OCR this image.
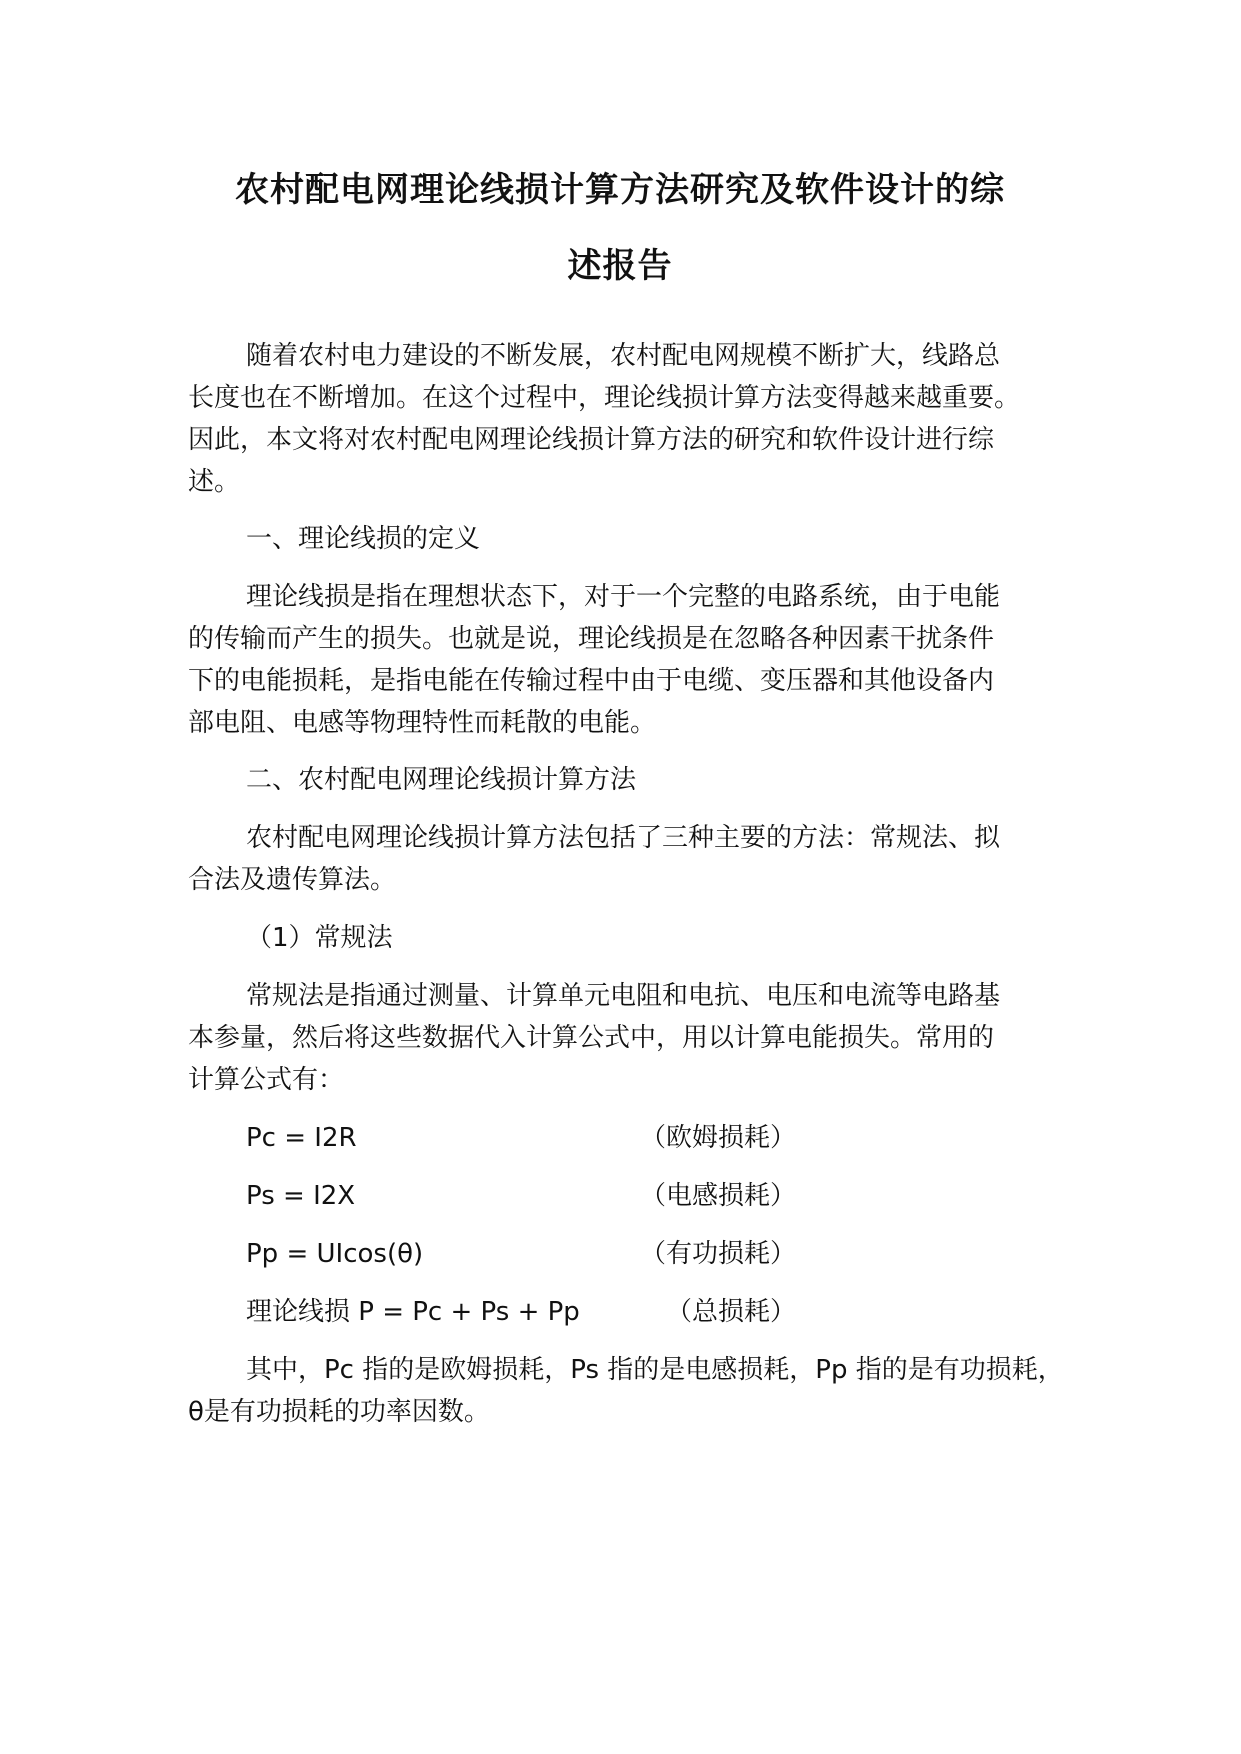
农村配电网理论线损计算方法研究及软件设计的综
述报告
随着农村电力建设的不断发展，农村配电网规模不断扩大，线路总
长度也在不断增加。在这个过程中，理论线损计算方法变得越来越重要。
因此，本文将对农村配电网理论线损计算方法的研究和软件设计进行综
述。
一、理论线损的定义
理论线损是指在理想状态下，对于一个完整的电路系统，由于电能
的传输而产生的损失。也就是说，理论线损是在忽略各种因素干扰条件
下的电能损耗，是指电能在传输过程中由于电缆、变压器和其他设备内
部电阻、电感等物理特性而耗散的电能。
二、农村配电网理论线损计算方法
农村配电网理论线损计算方法包括了三种主要的方法：常规法、拟
合法及遗传算法。
（1）常规法
常规法是指通过测量、计算单元电阻和电抗、电压和电流等电路基
本参量，然后将这些数据代入计算公式中，用以计算电能损失。常用的
计算公式有：
Pc = I2R	（欧姆损耗）
Ps = I2X	（电感损耗）
Pp = UIcos(θ)	（有功损耗）
理论线损 P = Pc + Ps + Pp	（总损耗）
其中，Pc 指的是欧姆损耗，Ps 指的是电感损耗，Pp 指的是有功损耗，
θ是有功损耗的功率因数。
